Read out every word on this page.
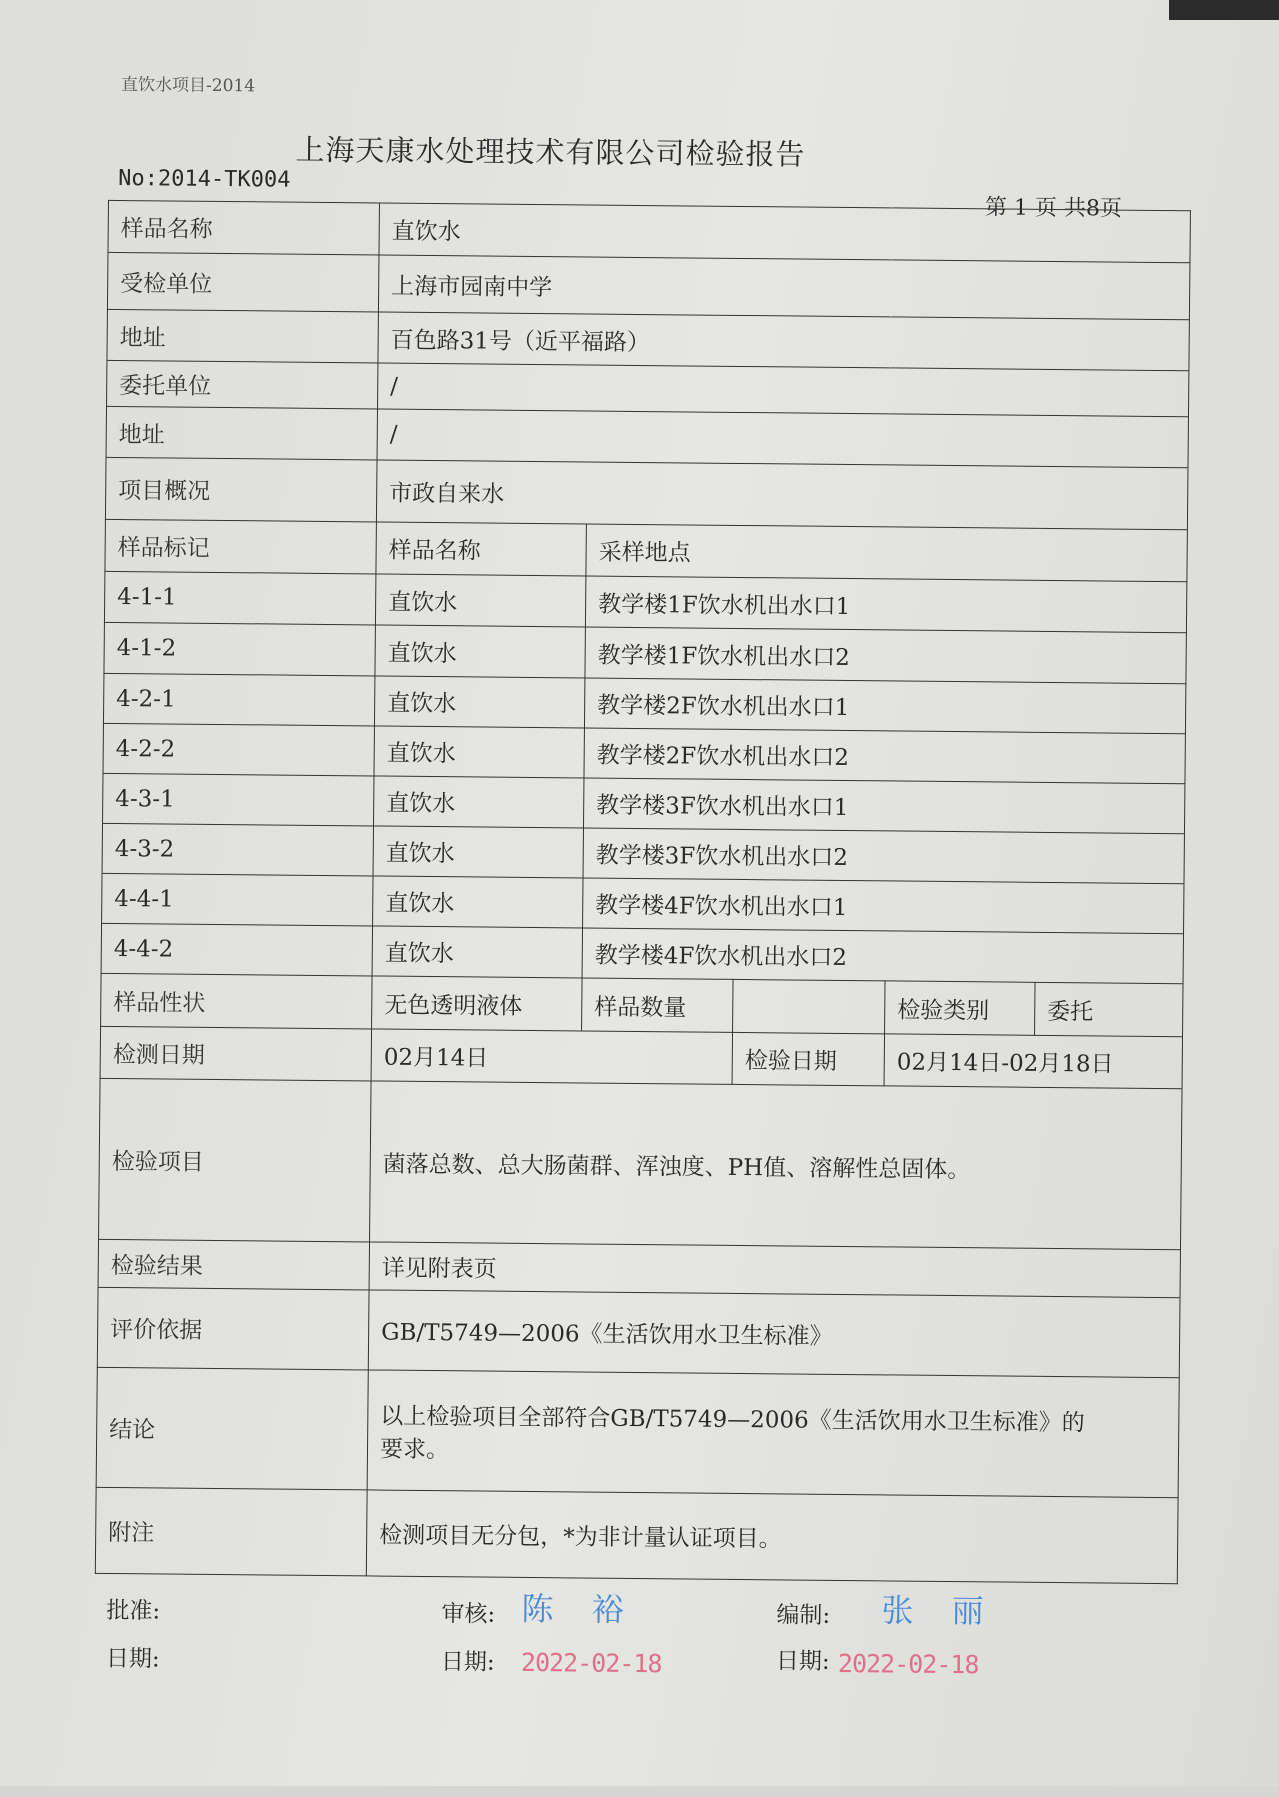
直饮水项目-2014
上海天康水处理技术有限公司检验报告
No:2014-TK004
第 1 页 共8页
样品名称	直饮水				
受检单位	上海市园南中学				
地址	百色路31号（近平福路）				
委托单位	/				
地址	/				
项目概况	市政自来水				
样品标记	样品名称	采样地点			
4-1-1	直饮水	教学楼1F饮水机出水口1			
4-1-2	直饮水	教学楼1F饮水机出水口2			
4-2-1	直饮水	教学楼2F饮水机出水口1			
4-2-2	直饮水	教学楼2F饮水机出水口2			
4-3-1	直饮水	教学楼3F饮水机出水口1			
4-3-2	直饮水	教学楼3F饮水机出水口2			
4-4-1	直饮水	教学楼4F饮水机出水口1			
4-4-2	直饮水	教学楼4F饮水机出水口2			
样品性状	无色透明液体	样品数量		检验类别	委托
检测日期	02月14日		检验日期	02月14日-02月18日	
检验项目	菌落总数、总大肠菌群、浑浊度、PH值、溶解性总固体。				
检验结果	详见附表页				
评价依据	GB/T5749—2006《生活饮用水卫生标准》				
结论	以上检验项目全部符合GB/T5749—2006《生活饮用水卫生标准》的
要求。				

附注	检测项目无分包，*为非计量认证项目。				
批准:	审核: 陈 裕	编制: 张 丽
日期:	日期: 2022-02-18	日期: 2022-02-18
